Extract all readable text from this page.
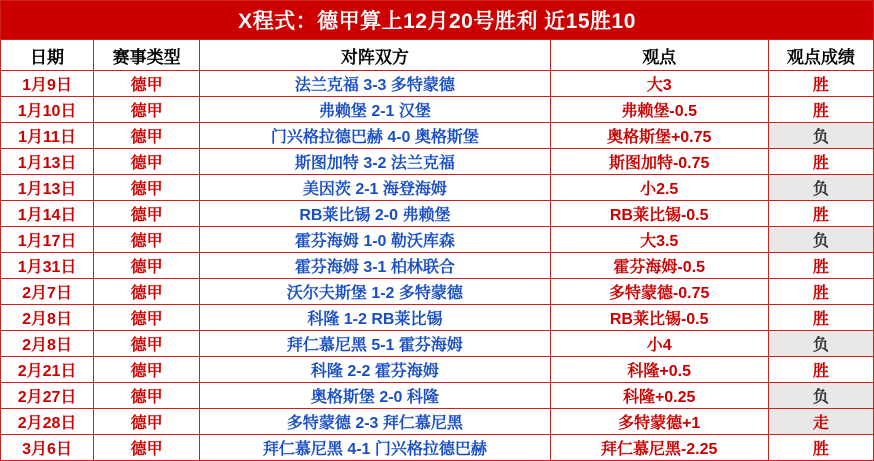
X程式：德甲算上12月20号胜利 近15胜10				
日期	赛事类型	对阵双方	观点	观点成绩
1月9日	德甲	法兰克福 3-3 多特蒙德	大3	胜
1月10日	德甲	弗赖堡 2-1 汉堡	弗赖堡-0.5	胜
1月11日	德甲	门兴格拉德巴赫 4-0 奥格斯堡	奥格斯堡+0.75	负
1月13日	德甲	斯图加特 3-2 法兰克福	斯图加特-0.75	胜
1月13日	德甲	美因茨 2-1 海登海姆	小2.5	负
1月14日	德甲	RB莱比锡 2-0 弗赖堡	RB莱比锡-0.5	胜
1月17日	德甲	霍芬海姆 1-0 勒沃库森	大3.5	负
1月31日	德甲	霍芬海姆 3-1 柏林联合	霍芬海姆-0.5	胜
2月7日	德甲	沃尔夫斯堡 1-2 多特蒙德	多特蒙德-0.75	胜
2月8日	德甲	科隆 1-2 RB莱比锡	RB莱比锡-0.5	胜
2月8日	德甲	拜仁慕尼黑 5-1 霍芬海姆	小4	负
2月21日	德甲	科隆 2-2 霍芬海姆	科隆+0.5	胜
2月27日	德甲	奥格斯堡 2-0 科隆	科隆+0.25	负
2月28日	德甲	多特蒙德 2-3 拜仁慕尼黑	多特蒙德+1	走
3月6日	德甲	拜仁慕尼黑 4-1 门兴格拉德巴赫	拜仁慕尼黑-2.25	胜
